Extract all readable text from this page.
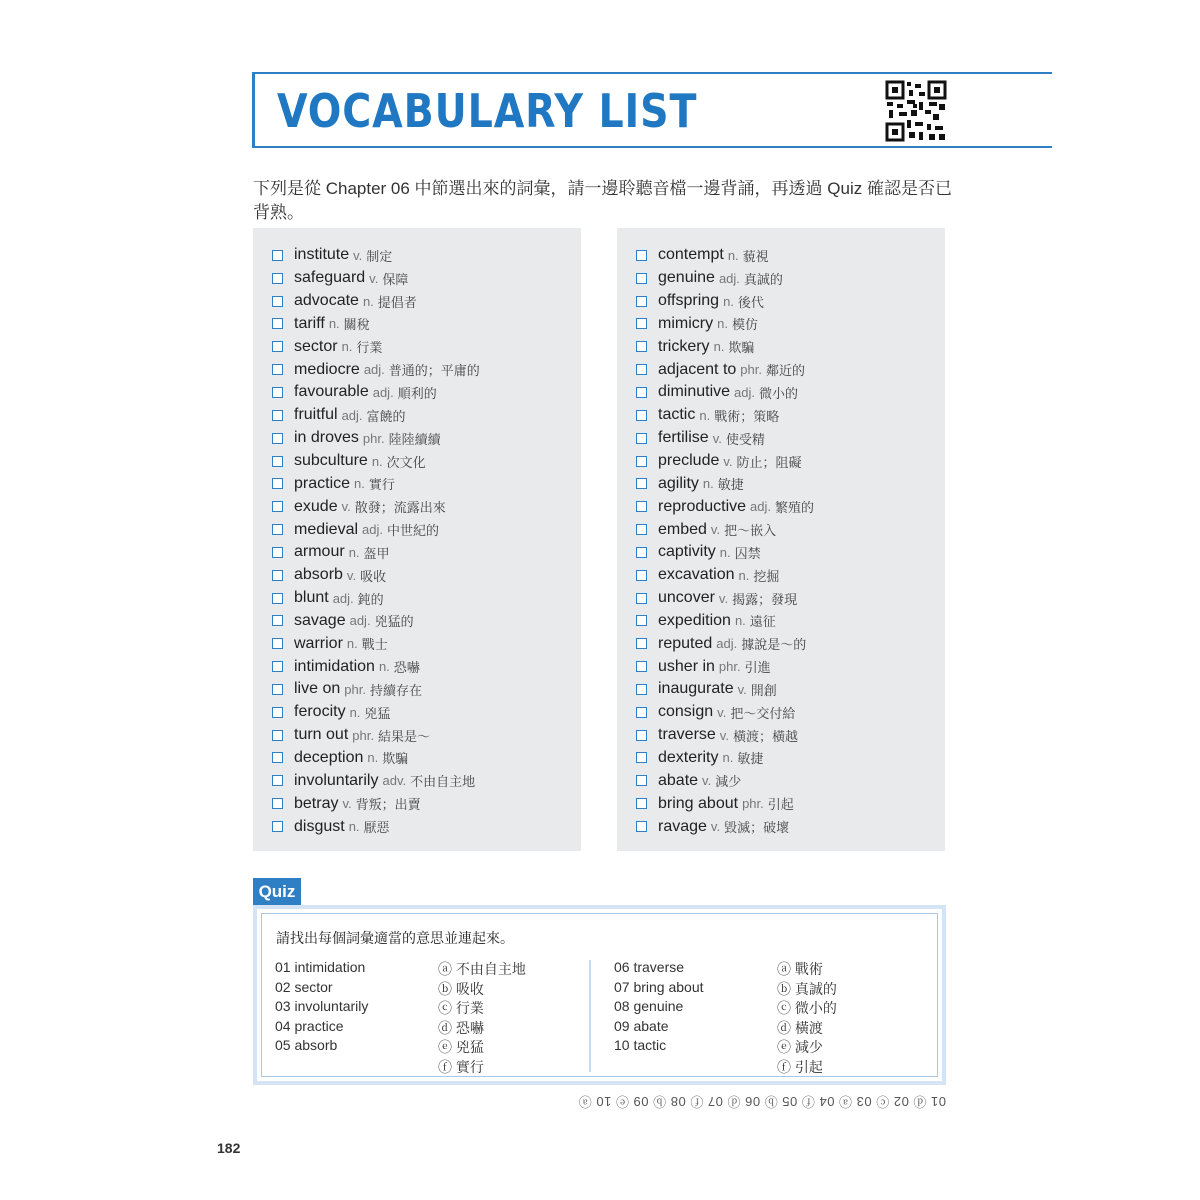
VOCABULARY LIST
下列是從 Chapter 06 中節選出來的詞彙，請一邊聆聽音檔一邊背誦，再透過 Quiz 確認是否已背熟。
institute v. 制定
safeguard v. 保障
advocate n. 提倡者
tariff n. 關稅
sector n. 行業
mediocre adj. 普通的；平庸的
favourable adj. 順利的
fruitful adj. 富饒的
in droves phr. 陸陸續續
subculture n. 次文化
practice n. 實行
exude v. 散發；流露出來
medieval adj. 中世紀的
armour n. 盔甲
absorb v. 吸收
blunt adj. 鈍的
savage adj. 兇猛的
warrior n. 戰士
intimidation n. 恐嚇
live on phr. 持續存在
ferocity n. 兇猛
turn out phr. 結果是～
deception n. 欺騙
involuntarily adv. 不由自主地
betray v. 背叛；出賣
disgust n. 厭惡
contempt n. 藐視
genuine adj. 真誠的
offspring n. 後代
mimicry n. 模仿
trickery n. 欺騙
adjacent to phr. 鄰近的
diminutive adj. 微小的
tactic n. 戰術；策略
fertilise v. 使受精
preclude v. 防止；阻礙
agility n. 敏捷
reproductive adj. 繁殖的
embed v. 把～嵌入
captivity n. 囚禁
excavation n. 挖掘
uncover v. 揭露；發現
expedition n. 遠征
reputed adj. 據說是～的
usher in phr. 引進
inaugurate v. 開創
consign v. 把～交付給
traverse v. 橫渡；橫越
dexterity n. 敏捷
abate v. 減少
bring about phr. 引起
ravage v. 毀滅；破壞
Quiz
請找出每個詞彙適當的意思並連起來。
01 intimidation
02 sector
03 involuntarily
04 practice
05 absorb
ⓐ 不由自主地
ⓑ 吸收
ⓒ 行業
ⓓ 恐嚇
ⓔ 兇猛
ⓕ 實行
06 traverse
07 bring about
08 genuine
09 abate
10 tactic
ⓐ 戰術
ⓑ 真誠的
ⓒ 微小的
ⓓ 橫渡
ⓔ 減少
ⓕ 引起
01 ⓓ 02 ⓒ 03 ⓐ 04 ⓕ 05 ⓑ 06 ⓓ 07 ⓕ 08 ⓑ 09 ⓔ 10 ⓐ
182
